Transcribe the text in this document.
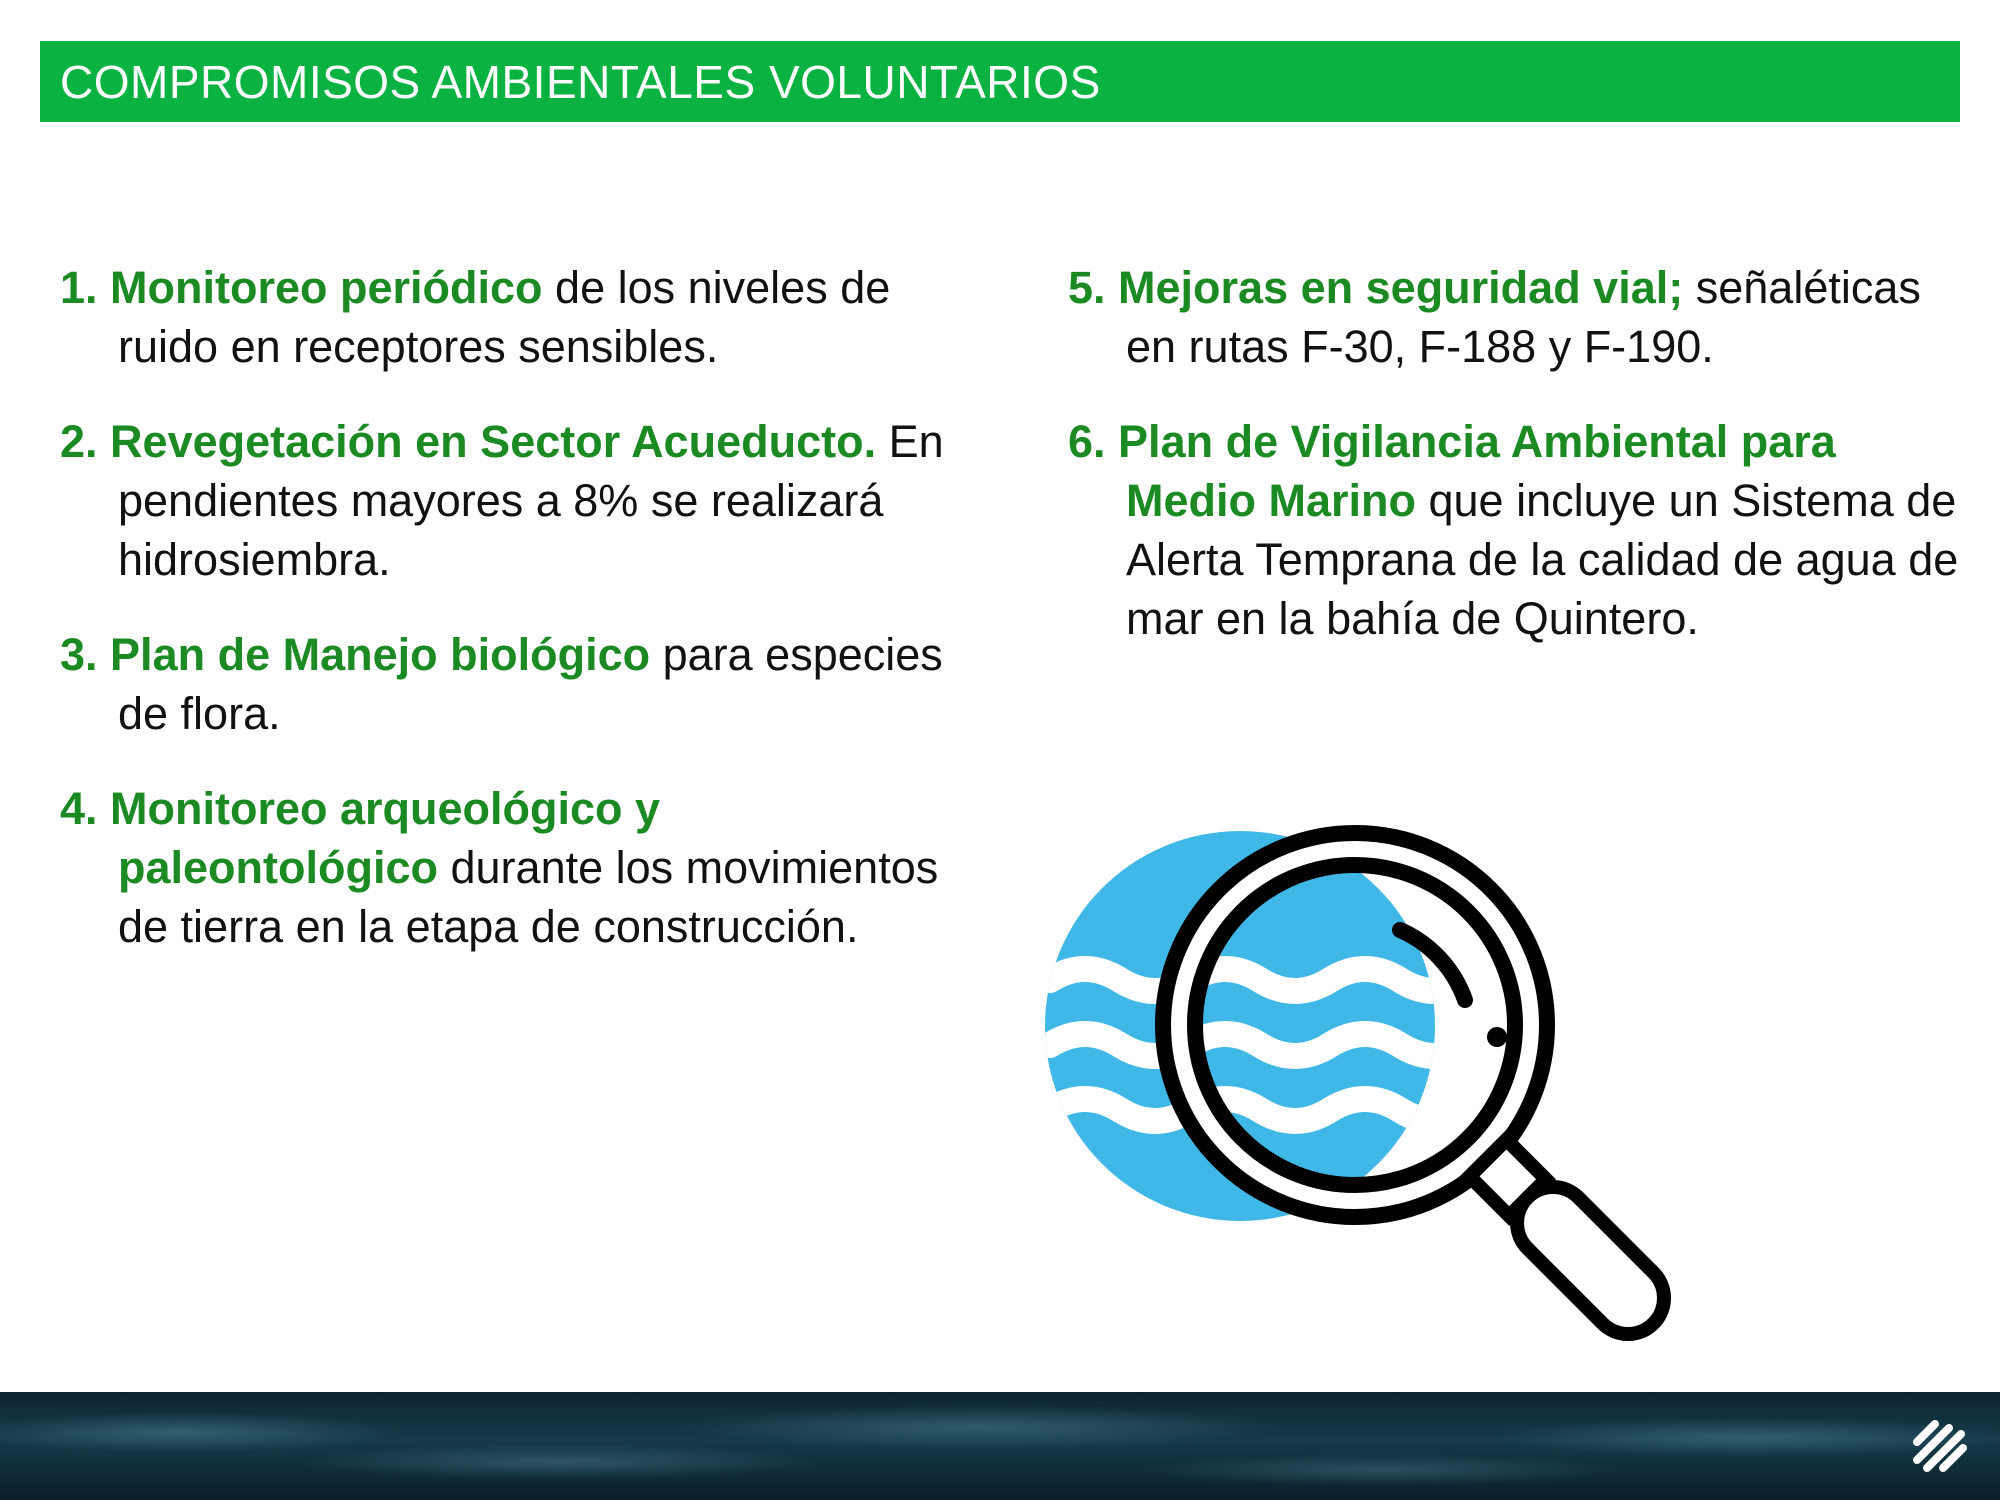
COMPROMISOS AMBIENTALES VOLUNTARIOS

1. Monitoreo periódico de los niveles de ruido en receptores sensibles.

2. Revegetación en Sector Acueducto. En pendientes mayores a 8% se realizará hidrosiembra.

3. Plan de Manejo biológico para especies de flora.

4. Monitoreo arqueológico y paleontológico durante los movimientos de tierra en la etapa de construcción.

5. Mejoras en seguridad vial; señaléticas en rutas F-30, F-188 y F-190.

6. Plan de Vigilancia Ambiental para Medio Marino que incluye un Sistema de Alerta Temprana de la calidad de agua de mar en la bahía de Quintero.
